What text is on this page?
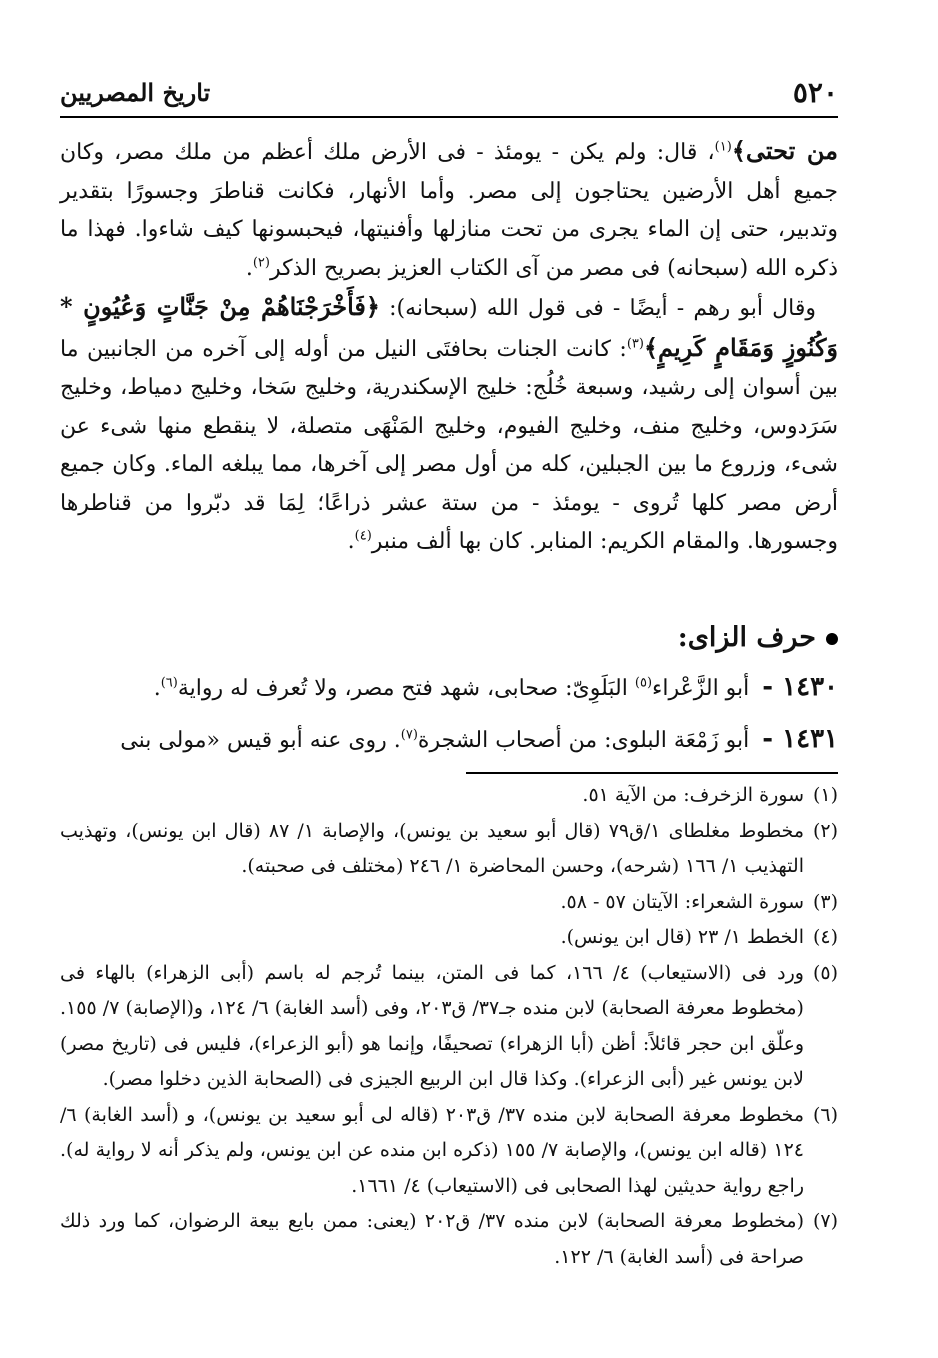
تاريخ المصريين	٥٢٠

من تحتى﴾$^{(١)}$، قال: ولم يكن - يومئذ - فى الأرض ملك أعظم من ملك مصر، وكان جميع أهل الأرضين يحتاجون إلى مصر. وأما الأنهار، فكانت قناطرَ وجسورًا بتقدير وتدبير، حتى إن الماء يجرى من تحت منازلها وأفنيتها، فيحبسونها كيف شاءوا. فهذا ما ذكره الله (سبحانه) فى مصر من آى الكتاب العزيز بصريح الذكر$^{(٢)}$.

وقال أبو رهم - أيضًا - فى قول الله (سبحانه): ﴿فَأَخْرَجْنَاهُمْ مِنْ جَنَّاتٍ وَعُيُونٍ * وَكُنُوزٍ وَمَقَامٍ كَرِيمٍ﴾$^{(٣)}$: كانت الجنات بحافتَى النيل من أوله إلى آخره من الجانبين ما بين أسوان إلى رشيد، وسبعة خُلُج: خليج الإسكندرية، وخليج سَخا، وخليج دمياط، وخليج سَرَدوس، وخليج منف، وخليج الفيوم، وخليج المَنْهَى متصلة، لا ينقطع منها شىء عن شىء، وزروع ما بين الجبلين، كله من أول مصر إلى آخرها، مما يبلغه الماء. وكان جميع أرض مصر كلها تُروى - يومئذ - من ستة عشر ذراعًا؛ لِمَا قد دبّروا من قناطرها وجسورها. والمقام الكريم: المنابر. كان بها ألف منبر$^{(٤)}$.

حرف الزاى:
١٤٣٠ - أبو الزَّعْراء$^{(٥)}$ البَلَوِىّ: صحابى، شهد فتح مصر، ولا تُعرف له رواية$^{(٦)}$.
١٤٣١ - أبو زَمْعَة البلوى: من أصحاب الشجرة$^{(٧)}$. روى عنه أبو قيس «مولى بنى

(١)
سورة الزخرف: من الآية ٥١.

(٢)
مخطوط مغلطاى ١/ق٧٩ (قال أبو سعيد بن يونس)، والإصابة ١/ ٨٧ (قال ابن يونس)، وتهذيب التهذيب ١/ ١٦٦ (شرحه)، وحسن المحاضرة ١/ ٢٤٦ (مختلف فى صحبته).

(٣)
سورة الشعراء: الآيتان ٥٧ - ٥٨.

(٤)
الخطط ١/ ٢٣ (قال ابن يونس).

(٥)
ورد فى (الاستيعاب) ٤/ ١٦٦، كما فى المتن، بينما تُرجم له باسم (أبى الزهراء) بالهاء فى (مخطوط معرفة الصحابة) لابن منده جـ٣٧/ ق٢٠٣، وفى (أسد الغابة) ٦/ ١٢٤، و(الإصابة) ٧/ ١٥٥. وعلّق ابن حجر قائلاً: أظن (أبا الزهراء) تصحيفًا، وإنما هو (أبو الزعراء)، فليس فى (تاريخ مصر) لابن يونس غير (أبى الزعراء). وكذا قال ابن الربيع الجيزى فى (الصحابة الذين دخلوا مصر).

(٦)
مخطوط معرفة الصحابة لابن منده ٣٧/ ق٢٠٣ (قاله لى أبو سعيد بن يونس)، و (أسد الغابة) ٦/ ١٢٤ (قاله ابن يونس)، والإصابة ٧/ ١٥٥ (ذكره ابن منده عن ابن يونس، ولم يذكر أنه لا رواية له). راجع رواية حديثين لهذا الصحابى فى (الاستيعاب) ٤/ ١٦٦١.

(٧)
(مخطوط معرفة الصحابة) لابن منده ٣٧/ ق٢٠٢ (يعنى: ممن بايع بيعة الرضوان، كما ورد ذلك صراحة فى (أسد الغابة) ٦/ ١٢٢.
